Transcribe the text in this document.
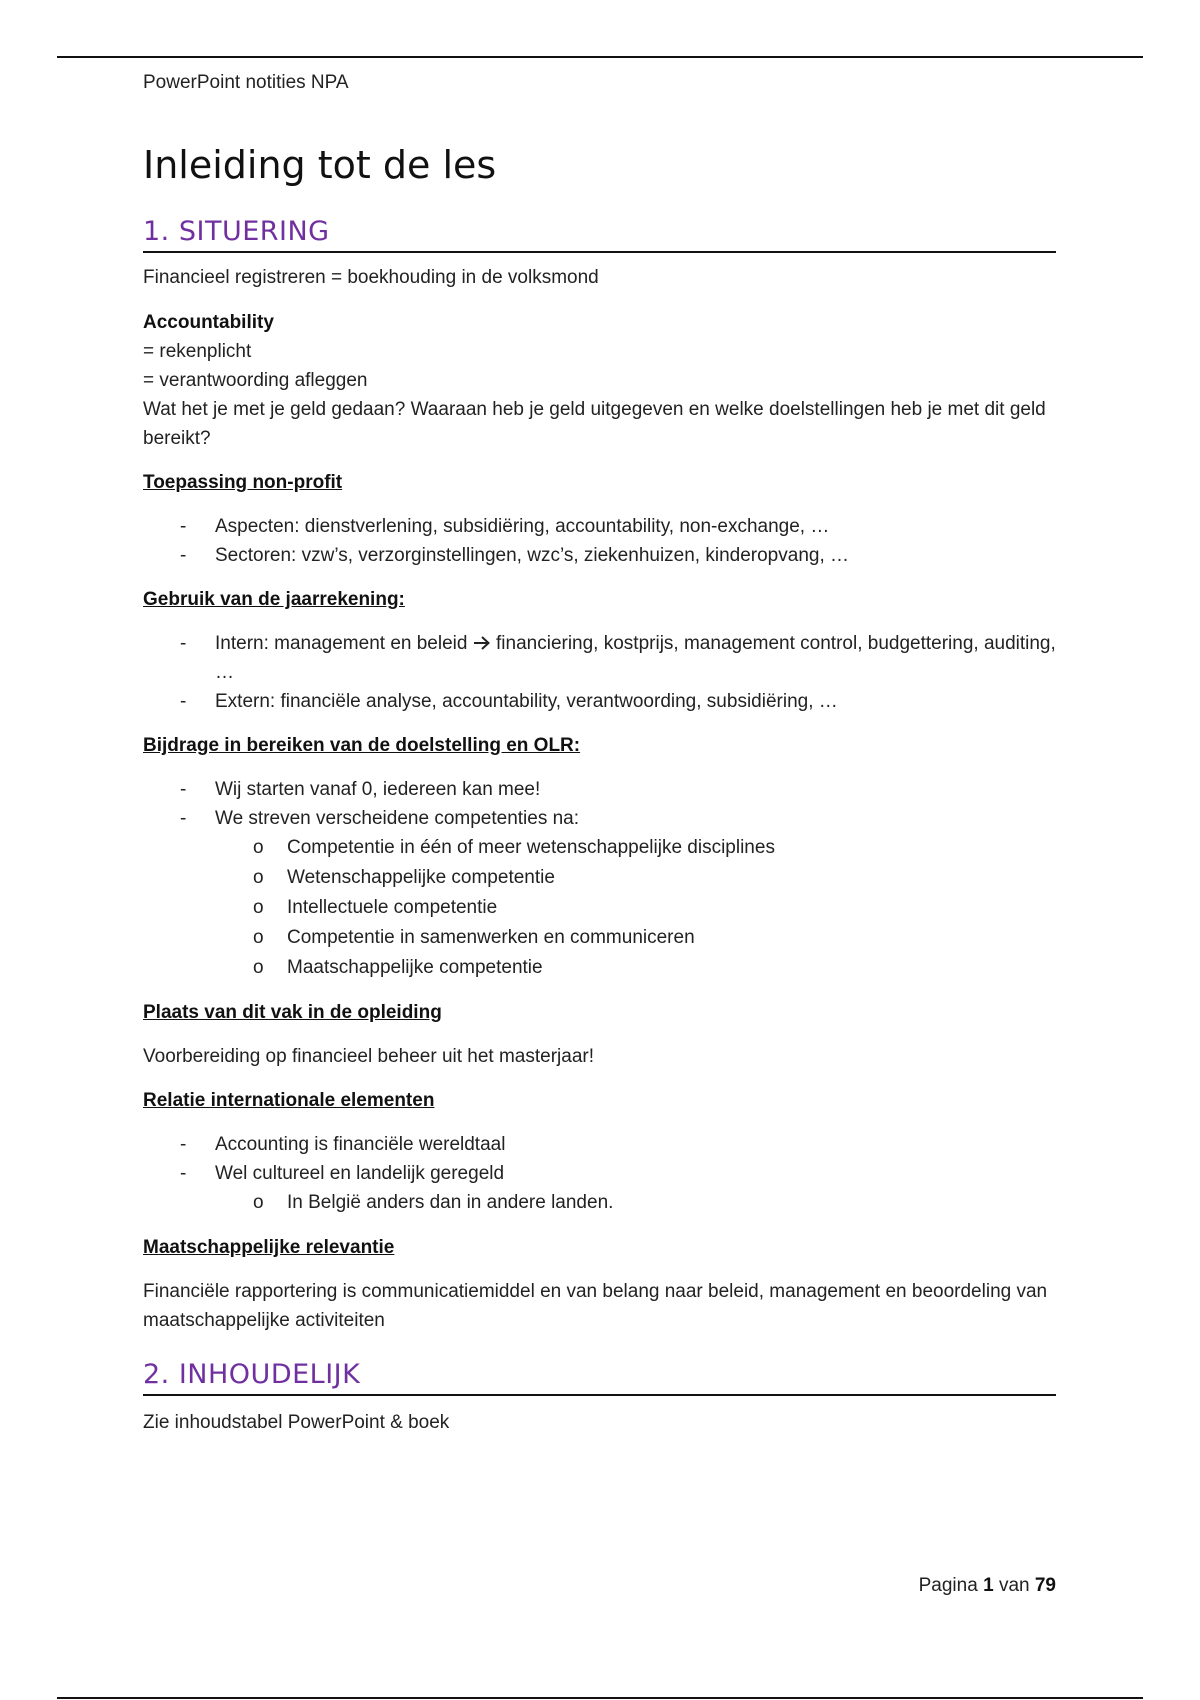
PowerPoint notities NPA

Inleiding tot de les
1. SITUERING

Financieel registreren = boekhouding in de volksmond

Accountability
= rekenplicht
= verantwoording afleggen
Wat het je met je geld gedaan? Waaraan heb je geld uitgegeven en welke doelstellingen heb je met dit geld bereikt?
Toepassing non-profit
- Aspecten: dienstverlening, subsidiëring, accountability, non-exchange, …
- Sectoren: vzw’s, verzorginstellingen, wzc’s, ziekenhuizen, kinderopvang, …
Gebruik van de jaarrekening:
- Intern: management en beleid financiering, kostprijs, management control, budgettering, auditing, …
- Extern: financiële analyse, accountability, verantwoording, subsidiëring, …
Bijdrage in bereiken van de doelstelling en OLR:
- Wij starten vanaf 0, iedereen kan mee!
- We streven verscheidene competenties na:
o Competentie in één of meer wetenschappelijke disciplines
o Wetenschappelijke competentie
o Intellectuele competentie
o Competentie in samenwerken en communiceren
o Maatschappelijke competentie
Plaats van dit vak in de opleiding

Voorbereiding op financieel beheer uit het masterjaar!

Relatie internationale elementen
- Accounting is financiële wereldtaal
- Wel cultureel en landelijk geregeld
o In België anders dan in andere landen.
Maatschappelijke relevantie

Financiële rapportering is communicatiemiddel en van belang naar beleid, management en beoordeling van maatschappelijke activiteiten

2. INHOUDELIJK

Zie inhoudstabel PowerPoint & boek

Pagina 1 van 79
